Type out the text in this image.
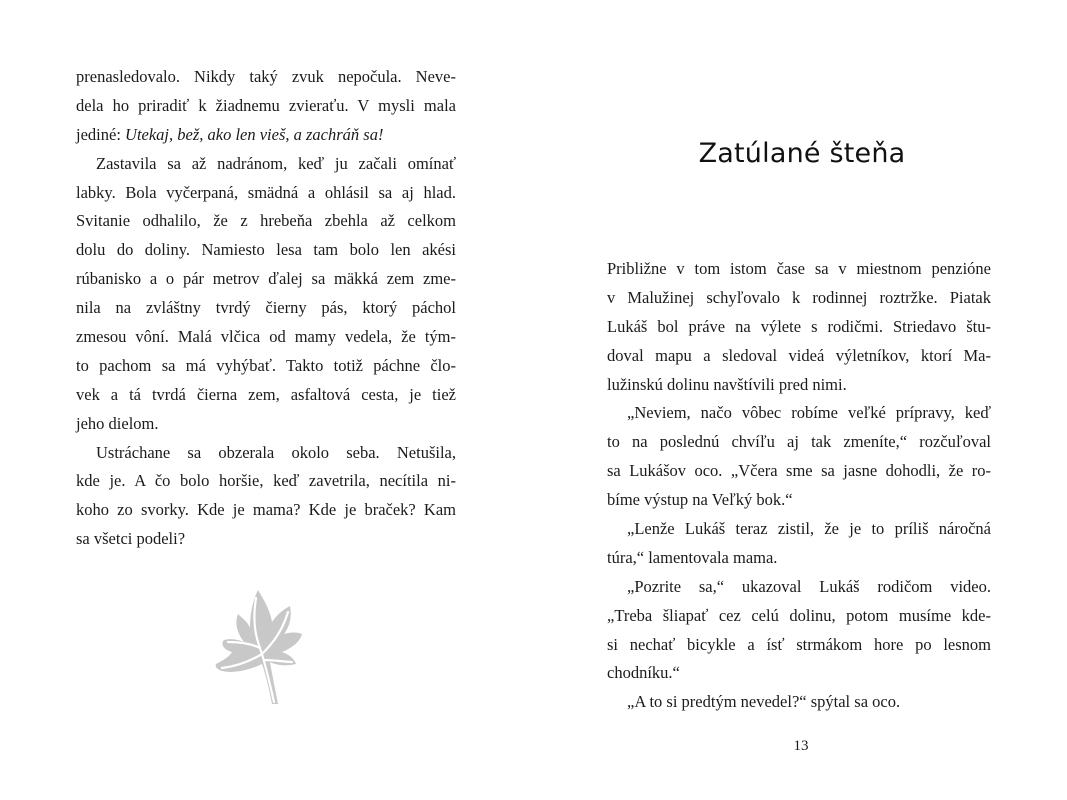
prenasledovalo. Nikdy taký zvuk nepočula. Neve-
dela ho priradiť k žiadnemu zvieraťu. V mysli mala
jediné: Utekaj, bež, ako len vieš, a zachráň sa!
Zastavila sa až nadránom, keď ju začali omínať
labky. Bola vyčerpaná, smädná a ohlásil sa aj hlad.
Svitanie odhalilo, že z hrebeňa zbehla až celkom
dolu do doliny. Namiesto lesa tam bolo len akési
rúbanisko a o pár metrov ďalej sa mäkká zem zme-
nila na zvláštny tvrdý čierny pás, ktorý páchol
zmesou vôní. Malá vlčica od mamy vedela, že tým-
to pachom sa má vyhýbať. Takto totiž páchne člo-
vek a tá tvrdá čierna zem, asfaltová cesta, je tiež
jeho dielom.
Ustráchane sa obzerala okolo seba. Netušila,
kde je. A čo bolo horšie, keď zavetrila, necítila ni-
koho zo svorky. Kde je mama? Kde je braček? Kam
sa všetci podeli?
Zatúlané šteňa
Približne v tom istom čase sa v miestnom penzióne
v Malužinej schyľovalo k rodinnej roztržke. Piatak
Lukáš bol práve na výlete s rodičmi. Striedavo štu-
doval mapu a sledoval videá výletníkov, ktorí Ma-
lužinskú dolinu navštívili pred nimi.
„Neviem, načo vôbec robíme veľké prípravy, keď
to na poslednú chvíľu aj tak zmeníte,“ rozčuľoval
sa Lukášov oco. „Včera sme sa jasne dohodli, že ro-
bíme výstup na Veľký bok.“
„Lenže Lukáš teraz zistil, že je to príliš náročná
túra,“ lamentovala mama.
„Pozrite sa,“ ukazoval Lukáš rodičom video.
„Treba šliapať cez celú dolinu, potom musíme kde-
si nechať bicykle a ísť strmákom hore po lesnom
chodníku.“
„A to si predtým nevedel?“ spýtal sa oco.
13
